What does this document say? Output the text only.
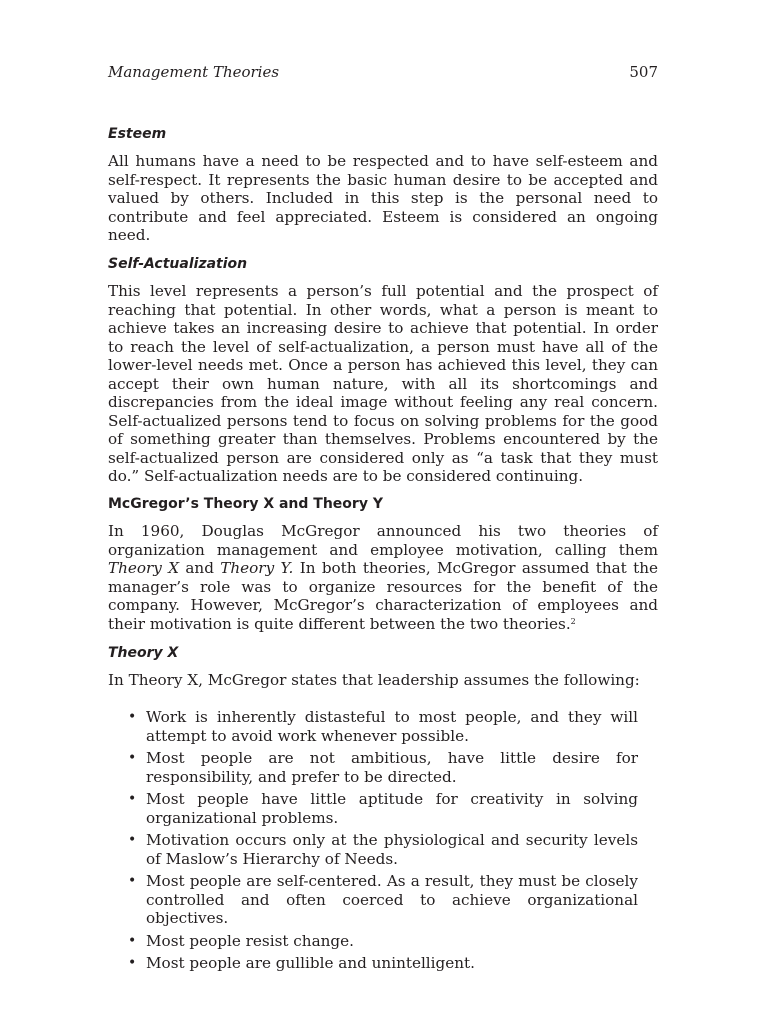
Management Theories	507
Esteem
All humans have a need to be respected and to have self-esteem and self-respect. It represents the basic human desire to be accepted and valued by others. Included in this step is the personal need to contribute and feel appreciated. Esteem is considered an ongoing need.
Self-Actualization
This level represents a person’s full potential and the prospect of reaching that potential. In other words, what a person is meant to achieve takes an increasing desire to achieve that potential. In order to reach the level of self-actualization, a person must have all of the lower-level needs met. Once a person has achieved this level, they can accept their own human nature, with all its shortcomings and discrepancies from the ideal image without feeling any real concern. Self-actualized persons tend to focus on solving problems for the good of something greater than themselves. Problems encountered by the self-actualized person are considered only as “a task that they must do.” Self-actualization needs are to be considered continuing.
McGregor’s Theory X and Theory Y
In 1960, Douglas McGregor announced his two theories of organization management and employee motivation, calling them Theory X and Theory Y. In both theories, McGregor assumed that the manager’s role was to organize resources for the benefit of the company. However, McGregor’s characterization of employees and their motivation is quite different between the two theories.$^2$
Theory X
In Theory X, McGregor states that leadership assumes the following:
• Work is inherently distasteful to most people, and they will attempt to avoid work whenever possible.
• Most people are not ambitious, have little desire for responsibility, and prefer to be directed.
• Most people have little aptitude for creativity in solving organizational problems.
• Motivation occurs only at the physiological and security levels of Maslow’s Hierarchy of Needs.
• Most people are self-centered. As a result, they must be closely controlled and often coerced to achieve organizational objectives.
• Most people resist change.
• Most people are gullible and unintelligent.
